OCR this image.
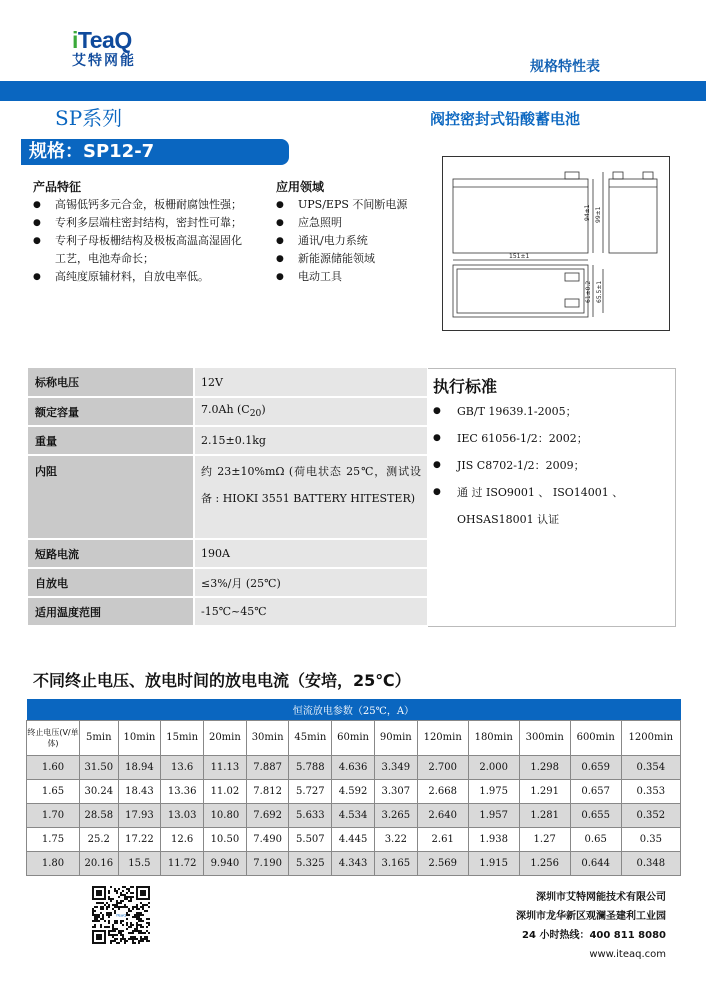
iTeaQ
艾特网能	规格特性表
SP系列	阀控密封式铅酸蓄电池
规格：SP12-7
产品特征
● 高锡低钙多元合金，板栅耐腐蚀性强；
● 专利多层端柱密封结构，密封性可靠；
● 专利子母板栅结构及极板高温高湿固化工艺，电池寿命长；
● 高纯度原辅材料，自放电率低。
应用领域
● UPS/EPS 不间断电源
● 应急照明
● 通讯/电力系统
● 新能源储能领域
● 电动工具
94±1 99±1
151±1
61±0.2 65.5±1
标称电压	12V
额定容量	7.0Ah $(C_{20})$
重量	2.15±0.1kg
内阻	约 23±10%mΩ (荷电状态 25℃，测试设 备 : HIOKI 3551 BATTERY HITESTER)
短路电流	190A
自放电	≤3%/月 (25℃)
适用温度范围	-15℃~45℃
执行标准
● GB/T 19639.1-2005；
● IEC 61056-1/2：2002；
● JIS C8702-1/2：2009；
● 通 过 ISO9001 、 ISO14001 、 OHSAS18001 认证
不同终止电压、放电时间的放电电流（安培，25℃）
恒流放电参数（25℃，A）													
终止电压(V/单体)	5min	10min	15min	20min	30min	45min	60min	90min	120min	180min	300min	600min	1200min
1.60	31.50	18.94	13.6	11.13	7.887	5.788	4.636	3.349	2.700	2.000	1.298	0.659	0.354
1.65	30.24	18.43	13.36	11.02	7.812	5.727	4.592	3.307	2.668	1.975	1.291	0.657	0.353
1.70	28.58	17.93	13.03	10.80	7.692	5.633	4.534	3.265	2.640	1.957	1.281	0.655	0.352
1.75	25.2	17.22	12.6	10.50	7.490	5.507	4.445	3.22	2.61	1.938	1.27	0.65	0.35
1.80	20.16	15.5	11.72	9.940	7.190	5.325	4.343	3.165	2.569	1.915	1.256	0.644	0.348
iTeaQ
深圳市艾特网能技术有限公司
深圳市龙华新区观澜圣建利工业园
24 小时热线：400 811 8080
www.iteaq.com
